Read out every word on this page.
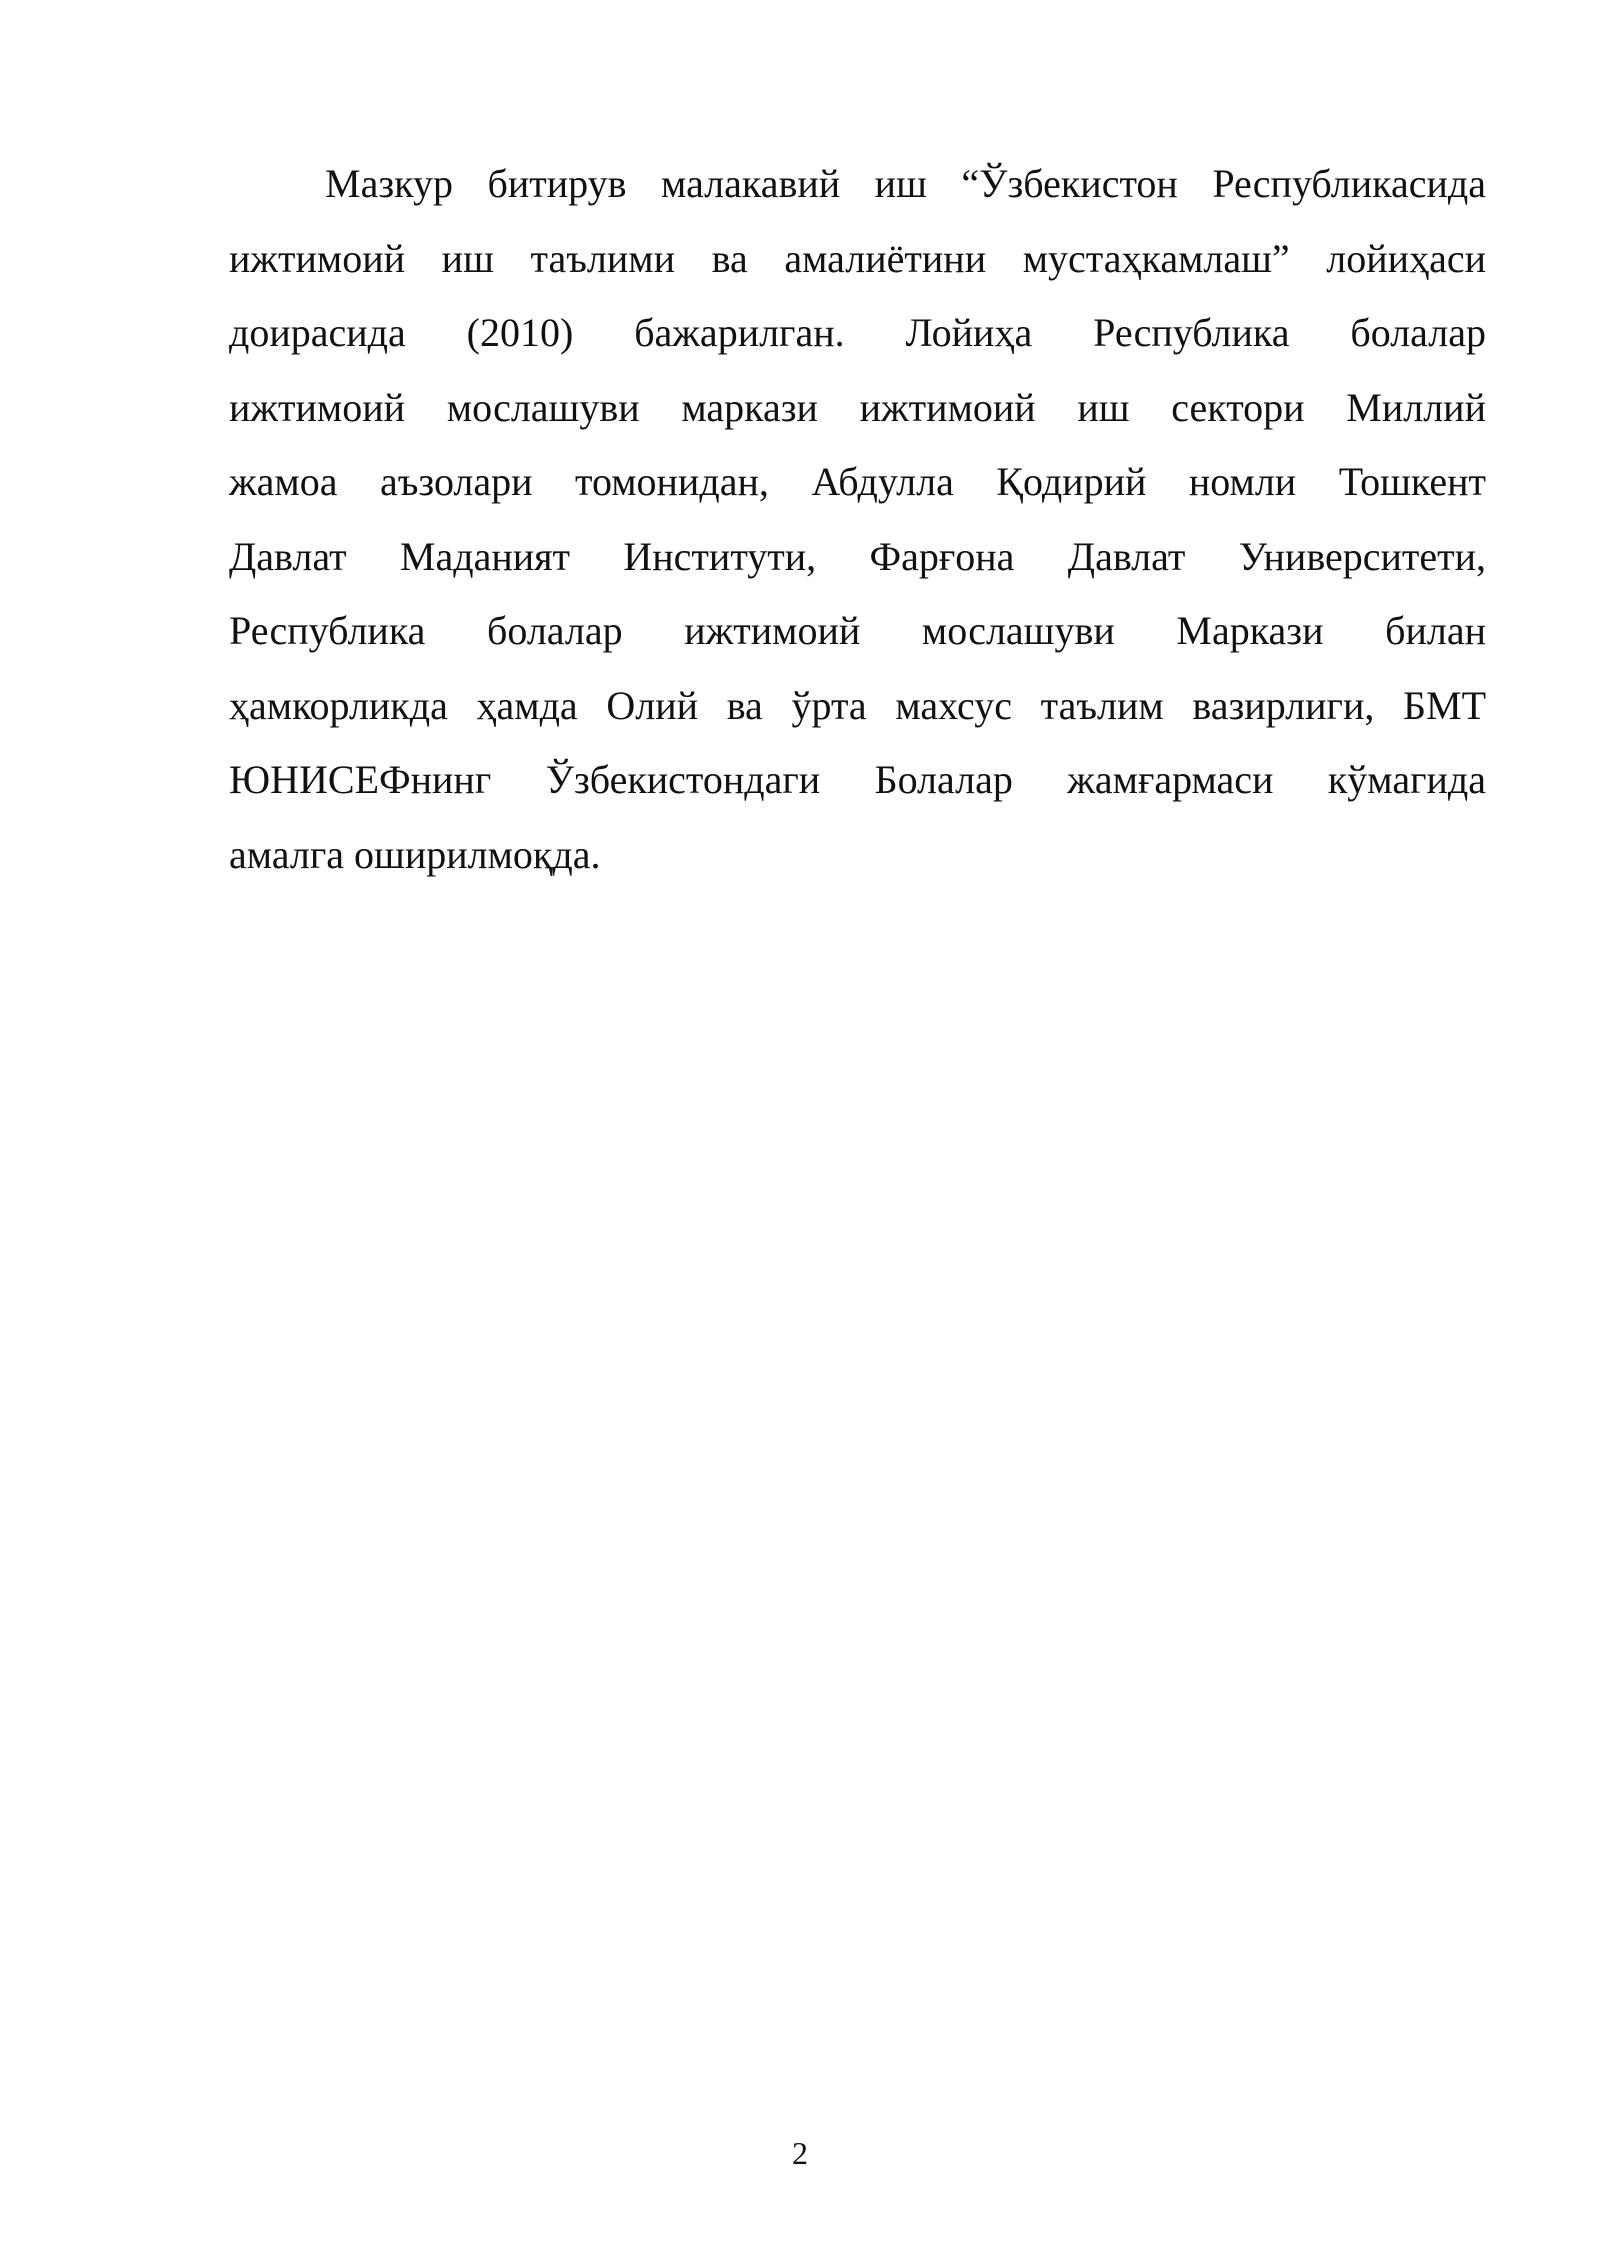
Мазкур битирув малакавий иш “Ўзбекистон Республикасида
ижтимоий иш таълими ва амалиётини мустаҳкамлаш” лойиҳаси
доирасида (2010) бажарилган. Лойиҳа Республика болалар
ижтимоий мослашуви маркази ижтимоий иш сектори Миллий
жамоа аъзолари томонидан, Абдулла Қодирий номли Тошкент
Давлат Маданият Институти, Фарғона Давлат Университети,
Республика болалар ижтимоий мослашуви Маркази билан
ҳамкорликда ҳамда Олий ва ўрта махсус таълим вазирлиги, БМТ
ЮНИСЕФнинг Ўзбекистондаги Болалар жамғармаси кўмагида
амалга оширилмоқда.
2
